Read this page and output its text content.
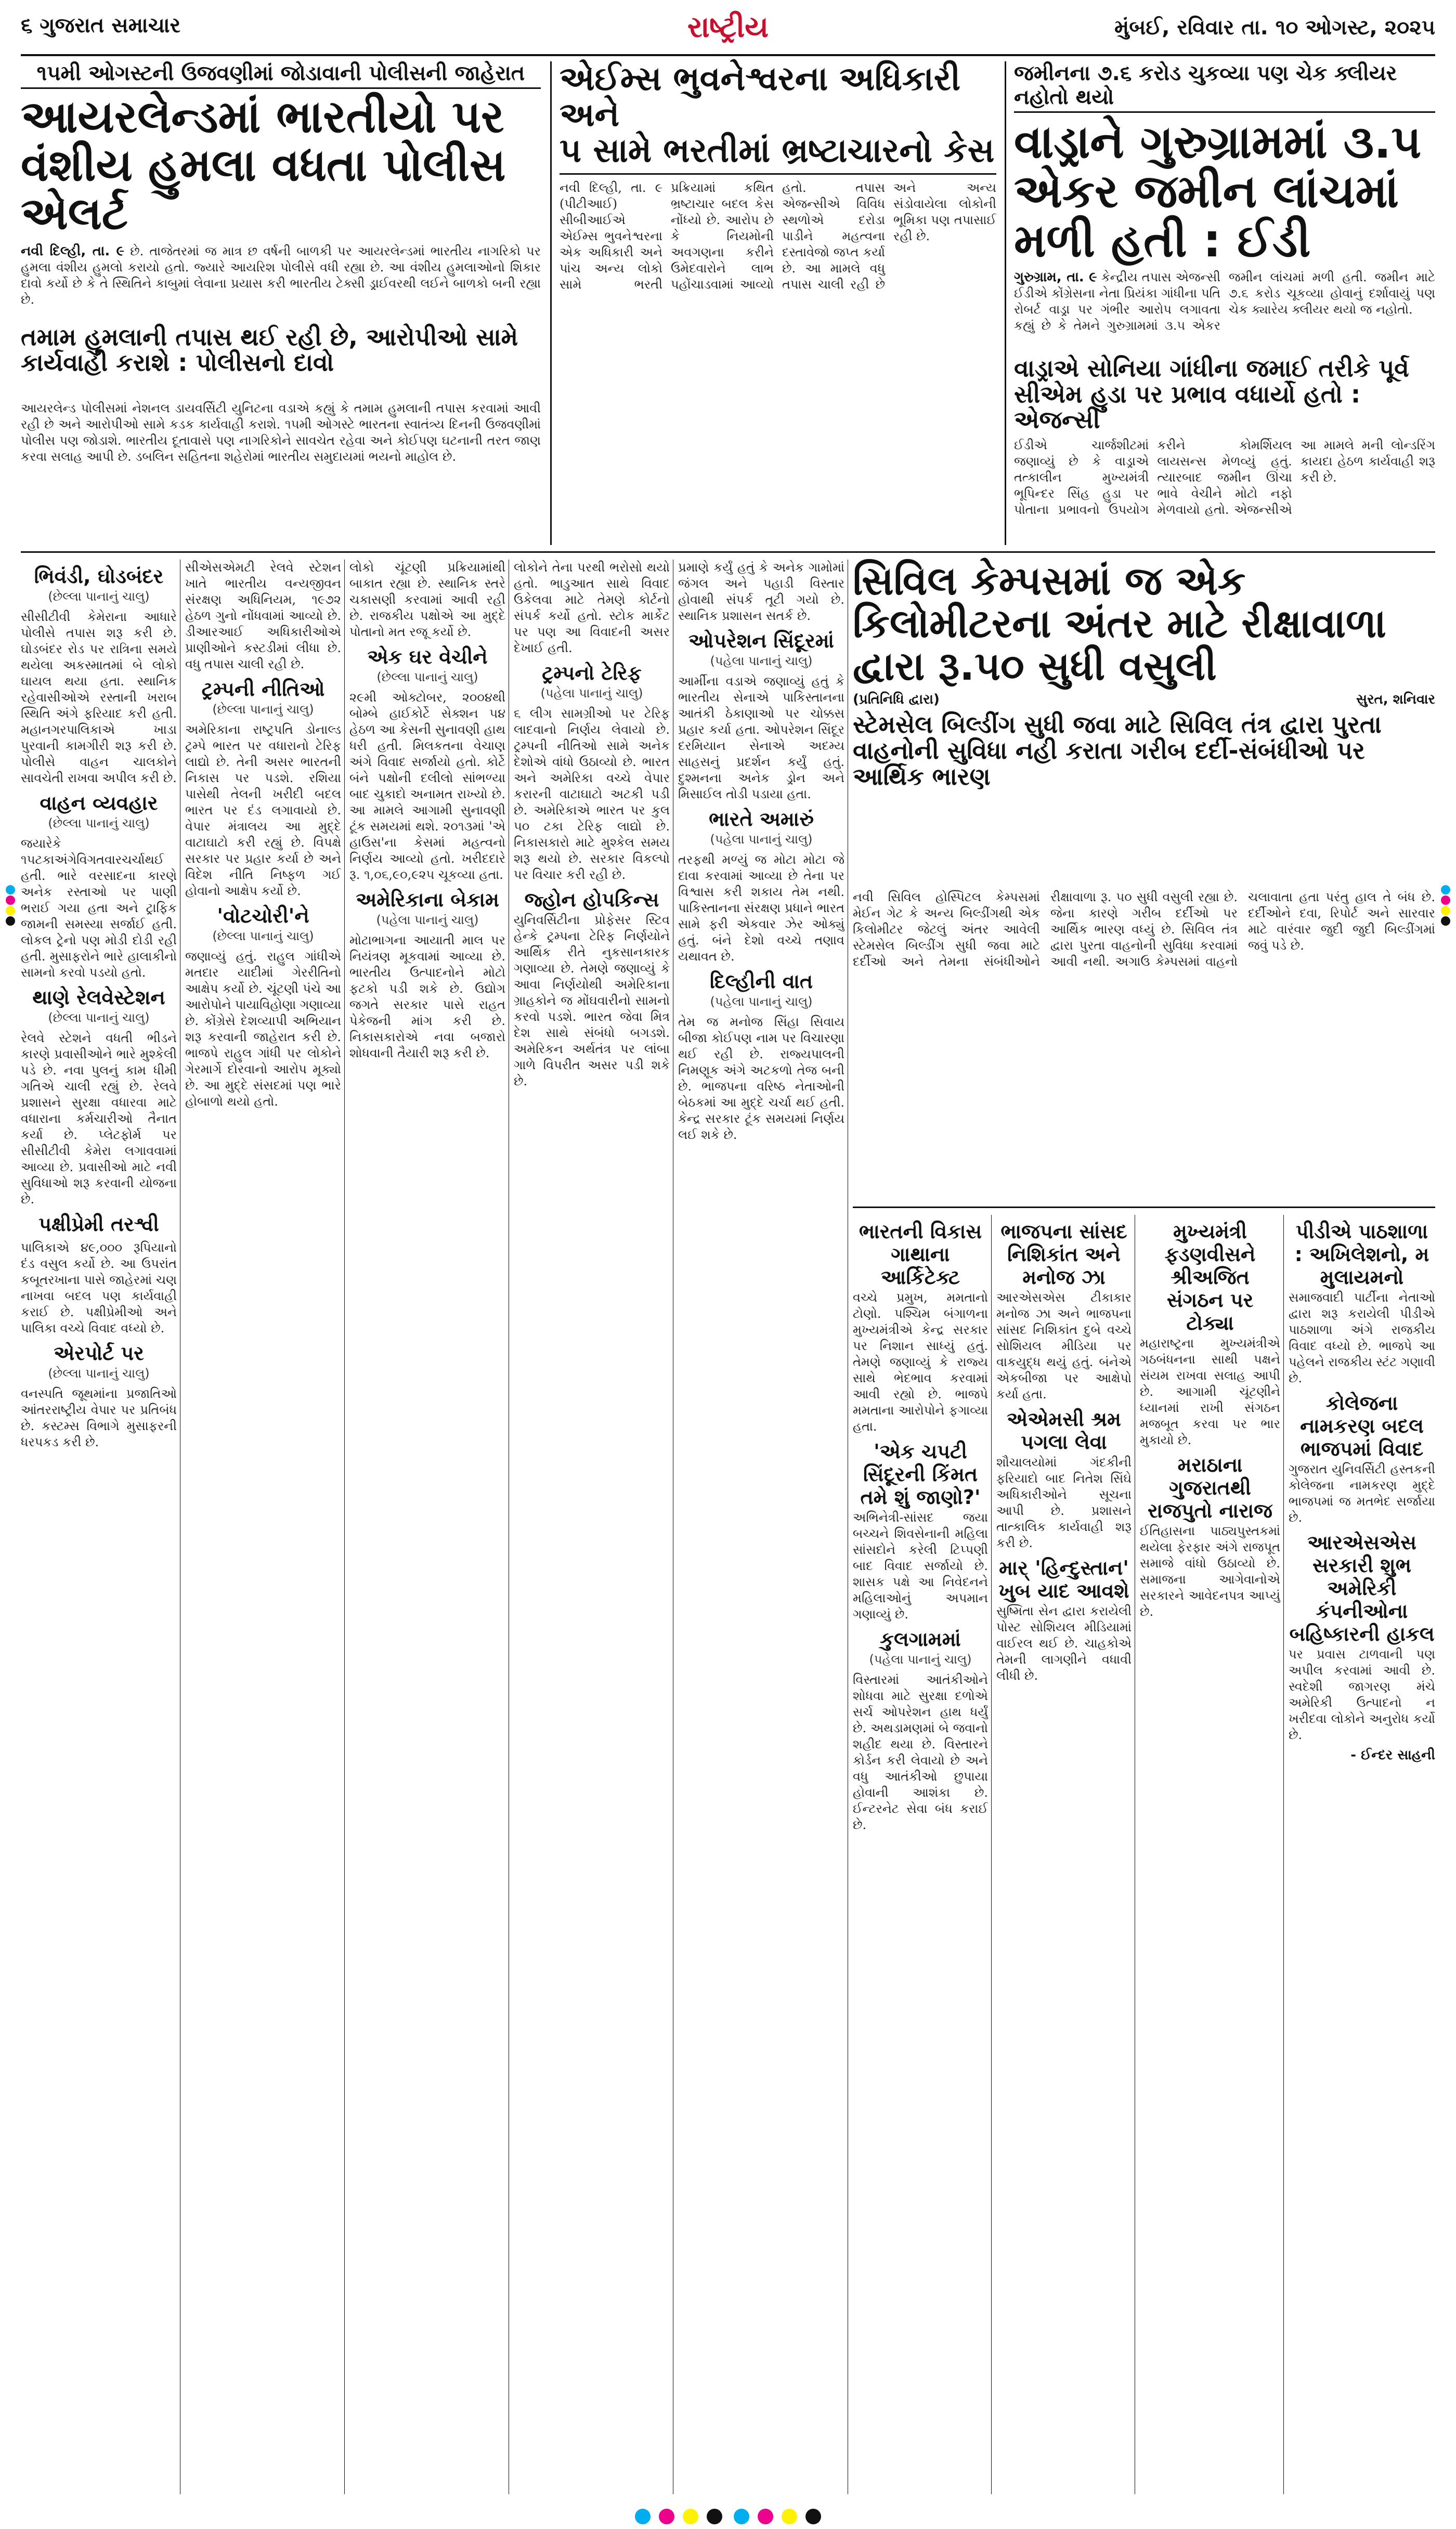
૬ ગુજરાત સમાચાર	રાષ્ટ્રીય	મુંબઈ, રવિવાર તા. ૧૦ ઓગસ્ટ, ૨૦૨૫
૧૫મી ઓગસ્ટની ઉજવણીમાં જોડાવાની પોલીસની જાહેરાત
આયરલેન્ડમાં ભારતીયો પર વંશીય હુમલા વધતા પોલીસ એલર્ટ
નવી દિલ્હી, તા. ૯ છે. તાજેતરમાં જ માત્ર છ વર્ષની બાળકી પર આયરલેન્ડમાં ભારતીય નાગરિકો પર હુમલા વંશીય હુમલો કરાયો હતો. જ્યારે આયરિશ પોલીસે વધી રહ્યા છે. આ વંશીય હુમલાઓનો શિકાર દાવો કર્યો છે કે તે સ્થિતિને કાબુમાં લેવાના પ્રયાસ કરી ભારતીય ટેક્સી ડ્રાઈવરથી લઈને બાળકો બની રહ્યા છે.
તમામ હુમલાની તપાસ થઈ રહી છે, આરોપીઓ સામે કાર્યવાહી કરાશે : પોલીસનો દાવો
આયરલેન્ડ પોલીસમાં નેશનલ ડાયવર્સિટી યુનિટના વડાએ કહ્યું કે તમામ હુમલાની તપાસ કરવામાં આવી રહી છે અને આરોપીઓ સામે કડક કાર્યવાહી કરાશે. ૧૫મી ઓગસ્ટે ભારતના સ્વાતંત્ર્ય દિનની ઉજવણીમાં પોલીસ પણ જોડાશે. ભારતીય દૂતાવાસે પણ નાગરિકોને સાવચેત રહેવા અને કોઈપણ ઘટનાની તરત જાણ કરવા સલાહ આપી છે. ડબલિન સહિતના શહેરોમાં ભારતીય સમુદાયમાં ભયનો માહોલ છે.
એઈમ્સ ભુવનેશ્વરના અધિકારી અને
૫ સામે ભરતીમાં ભ્રષ્ટાચારનો કેસ
નવી દિલ્હી, તા. ૯ (પીટીઆઈ) સીબીઆઈએ એઈમ્સ ભુવનેશ્વરના એક અધિકારી અને પાંચ અન્ય લોકો સામે ભરતી પ્રક્રિયામાં કથિત ભ્રષ્ટાચાર બદલ કેસ નોંધ્યો છે. આરોપ છે કે નિયમોની અવગણના કરીને ઉમેદવારોને લાભ પહોંચાડવામાં આવ્યો હતો. તપાસ એજન્સીએ વિવિધ સ્થળોએ દરોડા પાડીને મહત્વના દસ્તાવેજો જપ્ત કર્યા છે. આ મામલે વધુ તપાસ ચાલી રહી છે અને અન્ય સંડોવાયેલા લોકોની ભૂમિકા પણ તપાસાઈ રહી છે.
જમીનના ૭.૬ કરોડ ચુકવ્યા પણ ચેક ક્લીયર નહોતો થયો
વાડ્રાને ગુરુગ્રામમાં ૩.૫ એકર જમીન લાંચમાં મળી હતી : ઈડી
ગુરુગ્રામ, તા. ૯ કેન્દ્રીય તપાસ એજન્સી ઈડીએ કોંગ્રેસના નેતા પ્રિયંકા ગાંધીના પતિ રોબર્ટ વાડ્રા પર ગંભીર આરોપ લગાવતા કહ્યું છે કે તેમને ગુરુગ્રામમાં ૩.૫ એકર જમીન લાંચમાં મળી હતી. જમીન માટે ૭.૬ કરોડ ચૂકવ્યા હોવાનું દર્શાવાયું પણ ચેક ક્યારેય ક્લીયર થયો જ નહોતો.
વાડ્રાએ સોનિયા ગાંધીના જમાઈ તરીકે પૂર્વ સીએમ હુડા પર પ્રભાવ વધાર્યો હતો : એજન્સી
ઈડીએ ચાર્જશીટમાં જણાવ્યું છે કે વાડ્રાએ તત્કાલીન મુખ્યમંત્રી ભૂપિન્દર સિંહ હુડા પર પોતાના પ્રભાવનો ઉપયોગ કરીને કોમર્શિયલ લાયસન્સ મેળવ્યું હતું. ત્યારબાદ જમીન ઊંચા ભાવે વેચીને મોટો નફો મેળવાયો હતો. એજન્સીએ આ મામલે મની લોન્ડરિંગ કાયદા હેઠળ કાર્યવાહી શરૂ કરી છે.
ભિવંડી, ઘોડબંદર
(છેલ્લા પાનાનું ચાલુ)

સીસીટીવી કેમેરાના આધારે પોલીસે તપાસ શરૂ કરી છે. ઘોડબંદર રોડ પર રાત્રિના સમયે થયેલા અકસ્માતમાં બે લોકો ઘાયલ થયા હતા. સ્થાનિક રહેવાસીઓએ રસ્તાની ખરાબ સ્થિતિ અંગે ફરિયાદ કરી હતી. મહાનગરપાલિકાએ ખાડા પુરવાની કામગીરી શરૂ કરી છે. પોલીસે વાહન ચાલકોને સાવચેતી રાખવા અપીલ કરી છે.

વાહન વ્યવહાર
(છેલ્લા પાનાનું ચાલુ)

જયારેકે ૧૫ટકાઅંગેવિગતવારચર્ચાથઈ હતી. ભારે વરસાદના કારણે અનેક રસ્તાઓ પર પાણી ભરાઈ ગયા હતા અને ટ્રાફિક જામની સમસ્યા સર્જાઈ હતી. લોકલ ટ્રેનો પણ મોડી દોડી રહી હતી. મુસાફરોને ભારે હાલાકીનો સામનો કરવો પડયો હતો.

થાણે રેલવેસ્ટેશન
(છેલ્લા પાનાનું ચાલુ)

રેલવે સ્ટેશને વધતી ભીડને કારણે પ્રવાસીઓને ભારે મુશ્કેલી પડે છે. નવા પુલનું કામ ધીમી ગતિએ ચાલી રહ્યું છે. રેલવે પ્રશાસને સુરક્ષા વધારવા માટે વધારાના કર્મચારીઓ તૈનાત કર્યા છે. પ્લેટફોર્મ પર સીસીટીવી કેમેરા લગાવવામાં આવ્યા છે. પ્રવાસીઓ માટે નવી સુવિધાઓ શરૂ કરવાની યોજના છે.

પક્ષીપ્રેમી તરશ્વી

પાલિકાએ ૪૯,૦૦૦ રૂપિયાનો દંડ વસુલ કર્યો છે. આ ઉપરાંત કબૂતરખાના પાસે જાહેરમાં ચણ નાખવા બદલ પણ કાર્યવાહી કરાઈ છે. પક્ષીપ્રેમીઓ અને પાલિકા વચ્ચે વિવાદ વધ્યો છે.

એરપોર્ટ પર
(છેલ્લા પાનાનું ચાલુ)

વનસ્પતિ જૂથમાંના પ્રજાતિઓ આંતરરાષ્ટ્રીય વેપાર પર પ્રતિબંધ છે. કસ્ટમ્સ વિભાગે મુસાફરની ધરપકડ કરી છે.

સીએસએમટી રેલવે સ્ટેશન ખાતે ભારતીય વન્યજીવન સંરક્ષણ અધિનિયમ, ૧૯૭૨ હેઠળ ગુનો નોંધવામાં આવ્યો છે. ડીઆરઆઈ અધિકારીઓએ પ્રાણીઓને કસ્ટડીમાં લીધા છે. વધુ તપાસ ચાલી રહી છે.

ટ્રમ્પની નીતિઓ
(છેલ્લા પાનાનું ચાલુ)

અમેરિકાના રાષ્ટ્રપતિ ડોનાલ્ડ ટ્રમ્પે ભારત પર વધારાનો ટેરિફ લાદ્યો છે. તેની અસર ભારતની નિકાસ પર પડશે. રશિયા પાસેથી તેલની ખરીદી બદલ ભારત પર દંડ લગાવાયો છે. વેપાર મંત્રાલય આ મુદ્દે વાટાઘાટો કરી રહ્યું છે. વિપક્ષે સરકાર પર પ્રહાર કર્યા છે અને વિદેશ નીતિ નિષ્ફળ ગઈ હોવાનો આક્ષેપ કર્યો છે.

'વોટચોરી'ને
(છેલ્લા પાનાનું ચાલુ)

જણાવ્યું હતું. રાહુલ ગાંધીએ મતદાર યાદીમાં ગેરરીતિનો આક્ષેપ કર્યો છે. ચૂંટણી પંચે આ આરોપોને પાયાવિહોણા ગણાવ્યા છે. કોંગ્રેસે દેશવ્યાપી અભિયાન શરૂ કરવાની જાહેરાત કરી છે. ભાજપે રાહુલ ગાંધી પર લોકોને ગેરમાર્ગે દોરવાનો આરોપ મૂક્યો છે. આ મુદ્દે સંસદમાં પણ ભારે હોબાળો થયો હતો.

લોકો ચૂંટણી પ્રક્રિયામાંથી બાકાત રહ્યા છે. સ્થાનિક સ્તરે ચકાસણી કરવામાં આવી રહી છે. રાજકીય પક્ષોએ આ મુદ્દે પોતાનો મત રજૂ કર્યો છે.

એક ઘર વેચીને
(છેલ્લા પાનાનું ચાલુ)

૨૯મી ઓક્ટોબર, ૨૦૦૪થી બોમ્બે હાઈકોર્ટે સેક્શન ૫૪ હેઠળ આ કેસની સુનાવણી હાથ ધરી હતી. મિલકતના વેચાણ અંગે વિવાદ સર્જાયો હતો. કોર્ટે બંને પક્ષોની દલીલો સાંભળ્યા બાદ ચુકાદો અનામત રાખ્યો છે. આ મામલે આગામી સુનાવણી ટૂંક સમયમાં થશે. ૨૦૧૩માં 'એ હાઉસ'ના કેસમાં મહત્વનો નિર્ણય આવ્યો હતો. ખરીદદારે રૂ. ૧,૦૬,૯૦,૯૨૫ ચૂકવ્યા હતા.

અમેરિકાના બેકામ
(પહેલા પાનાનું ચાલુ)

મોટાભાગના આયાતી માલ પર નિયંત્રણ મૂકવામાં આવ્યા છે. ભારતીય ઉત્પાદનોને મોટો ફટકો પડી શકે છે. ઉદ્યોગ જગતે સરકાર પાસે રાહત પેકેજની માંગ કરી છે. નિકાસકારોએ નવા બજારો શોધવાની તૈયારી શરૂ કરી છે.

લોકોને તેના પરથી ભરોસો થયો હતો. ભાડુઆત સાથે વિવાદ ઉકેલવા માટે તેમણે કોર્ટનો સંપર્ક કર્યો હતો. સ્ટોક માર્કેટ પર પણ આ વિવાદની અસર દેખાઈ હતી.

ટ્રમ્પનો ટેરિફ
(પહેલા પાનાનું ચાલુ)

૬ લીગ સામગ્રીઓ પર ટેરિફ લાદવાનો નિર્ણય લેવાયો છે. ટ્રમ્પની નીતિઓ સામે અનેક દેશોએ વાંધો ઉઠાવ્યો છે. ભારત અને અમેરિકા વચ્ચે વેપાર કરારની વાટાઘાટો અટકી પડી છે. અમેરિકાએ ભારત પર કુલ ૫૦ ટકા ટેરિફ લાદ્યો છે. નિકાસકારો માટે મુશ્કેલ સમય શરૂ થયો છે. સરકાર વિકલ્પો પર વિચાર કરી રહી છે.

જ્હોન હોપકિન્સ

યુનિવર્સિટીના પ્રોફેસર સ્ટિવ હેન્કે ટ્રમ્પના ટેરિફ નિર્ણયોને આર્થિક રીતે નુકસાનકારક ગણાવ્યા છે. તેમણે જણાવ્યું કે આવા નિર્ણયોથી અમેરિકાના ગ્રાહકોને જ મોંઘવારીનો સામનો કરવો પડશે. ભારત જેવા મિત્ર દેશ સાથે સંબંધો બગડશે. અમેરિકન અર્થતંત્ર પર લાંબા ગાળે વિપરીત અસર પડી શકે છે.

પ્રમાણે કર્યું હતું કે અનેક ગામોમાં જંગલ અને પહાડી વિસ્તાર હોવાથી સંપર્ક તૂટી ગયો છે. સ્થાનિક પ્રશાસન સતર્ક છે.

ઓપરેશન સિંદૂરમાં
(પહેલા પાનાનું ચાલુ)

આર્મીના વડાએ જણાવ્યું હતું કે ભારતીય સેનાએ પાકિસ્તાનના આતંકી ઠેકાણાઓ પર ચોક્કસ પ્રહાર કર્યા હતા. ઓપરેશન સિંદૂર દરમિયાન સેનાએ અદમ્ય સાહસનું પ્રદર્શન કર્યું હતું. દુશ્મનના અનેક ડ્રોન અને મિસાઈલ તોડી પડાયા હતા.

ભારતે અમારું
(પહેલા પાનાનું ચાલુ)

તરફથી મળ્યું જ મોટા મોટા જે દાવા કરવામાં આવ્યા છે તેના પર વિશ્વાસ કરી શકાય તેમ નથી. પાકિસ્તાનના સંરક્ષણ પ્રધાને ભારત સામે ફરી એકવાર ઝેર ઓક્યું હતું. બંને દેશો વચ્ચે તણાવ યથાવત છે.

દિલ્હીની વાત
(પહેલા પાનાનું ચાલુ)

તેમ જ મનોજ સિંહા સિવાય બીજા કોઈપણ નામ પર વિચારણા થઈ રહી છે. રાજ્યપાલની નિમણૂક અંગે અટકળો તેજ બની છે. ભાજપના વરિષ્ઠ નેતાઓની બેઠકમાં આ મુદ્દે ચર્ચા થઈ હતી. કેન્દ્ર સરકાર ટૂંક સમયમાં નિર્ણય લઈ શકે છે.

સિવિલ કેમ્પસમાં જ એક કિલોમીટરના અંતર માટે રીક્ષાવાળા દ્વારા રૂ.૫૦ સુધી વસુલી
(પ્રતિનિધિ દ્વારા)	સુરત, શનિવાર
સ્ટેમસેલ બિલ્ડીંગ સુધી જવા માટે સિવિલ તંત્ર દ્વારા પુરતા વાહનોની સુવિધા નહી કરાતા ગરીબ દર્દી-સંબંધીઓ પર આર્થિક ભારણ
નવી સિવિલ હોસ્પિટલ કેમ્પસમાં મેઈન ગેટ કે અન્ય બિલ્ડીંગથી એક કિલોમીટર જેટલું અંતર આવેલી સ્ટેમસેલ બિલ્ડીંગ સુધી જવા માટે દર્દીઓ અને તેમના સંબંધીઓને રીક્ષાવાળા રૂ. ૫૦ સુધી વસુલી રહ્યા છે. જેના કારણે ગરીબ દર્દીઓ પર આર્થિક ભારણ વધ્યું છે. સિવિલ તંત્ર દ્વારા પુરતા વાહનોની સુવિધા કરવામાં આવી નથી. અગાઉ કેમ્પસમાં વાહનો ચલાવાતા હતા પરંતુ હાલ તે બંધ છે. દર્દીઓને દવા, રિપોર્ટ અને સારવાર માટે વારંવાર જુદી જુદી બિલ્ડીંગમાં જવું પડે છે.
ભારતની વિકાસ ગાથાના આર્કિટેક્ટ

વચ્ચે પ્રમુખ, મમતાનો ટોણો. પશ્ચિમ બંગાળના મુખ્યમંત્રીએ કેન્દ્ર સરકાર પર નિશાન સાધ્યું હતું. તેમણે જણાવ્યું કે રાજ્ય સાથે ભેદભાવ કરવામાં આવી રહ્યો છે. ભાજપે મમતાના આરોપોને ફગાવ્યા હતા.

'એક ચપટી સિંદૂરની કિંમત તમે શું જાણો?'

અભિનેત્રી-સાંસદ જયા બચ્ચને શિવસેનાની મહિલા સાંસદોને કરેલી ટિપ્પણી બાદ વિવાદ સર્જાયો છે. શાસક પક્ષે આ નિવેદનને મહિલાઓનું અપમાન ગણાવ્યું છે.

કુલગામમાં
(પહેલા પાનાનું ચાલુ)

વિસ્તારમાં આતંકીઓને શોધવા માટે સુરક્ષા દળોએ સર્ચ ઓપરેશન હાથ ધર્યું છે. અથડામણમાં બે જવાનો શહીદ થયા છે. વિસ્તારને કોર્ડન કરી લેવાયો છે અને વધુ આતંકીઓ છુપાયા હોવાની આશંકા છે. ઈન્ટરનેટ સેવા બંધ કરાઈ છે.

ભાજપના સાંસદ નિશિકાંત અને મનોજ ઝા

આરએસએસ ટીકાકાર મનોજ ઝા અને ભાજપના સાંસદ નિશિકાંત દુબે વચ્ચે સોશિયલ મીડિયા પર વાકયુદ્ધ થયું હતું. બંનેએ એકબીજા પર આક્ષેપો કર્યા હતા.

એએમસી શ્રમ પગલા લેવા

શૌચાલયોમાં ગંદકીની ફરિયાદો બાદ નિતેશ સિંઘે અધિકારીઓને સૂચના આપી છે. પ્રશાસને તાત્કાલિક કાર્યવાહી શરૂ કરી છે.

માર્ 'હિન્દુસ્તાન' ખુબ યાદ આવશે

સુષ્મિતા સેન દ્વારા કરાયેલી પોસ્ટ સોશિયલ મીડિયામાં વાઈરલ થઈ છે. ચાહકોએ તેમની લાગણીને વધાવી લીધી છે.

મુખ્યમંત્રી ફડણવીસને શ્રીઅજિત સંગઠન પર ટોક્યા

મહારાષ્ટ્રના મુખ્યમંત્રીએ ગઠબંધનના સાથી પક્ષને સંયમ રાખવા સલાહ આપી છે. આગામી ચૂંટણીને ધ્યાનમાં રાખી સંગઠન મજબૂત કરવા પર ભાર મુકાયો છે.

મરાઠાના ગુજરાતથી રાજપુતો નારાજ

ઈતિહાસના પાઠ્યપુસ્તકમાં થયેલા ફેરફાર અંગે રાજપૂત સમાજે વાંધો ઉઠાવ્યો છે. સમાજના આગેવાનોએ સરકારને આવેદનપત્ર આપ્યું છે.

પીડીએ પાઠશાળા : અખિલેશનો, મ મુલાયમનો

સમાજવાદી પાર્ટીના નેતાઓ દ્વારા શરૂ કરાયેલી પીડીએ પાઠશાળા અંગે રાજકીય વિવાદ વધ્યો છે. ભાજપે આ પહેલને રાજકીય સ્ટંટ ગણાવી છે.

કોલેજના નામકરણ બદલ ભાજપમાં વિવાદ

ગુજરાત યુનિવર્સિટી હસ્તકની કોલેજના નામકરણ મુદ્દે ભાજપમાં જ મતભેદ સર્જાયા છે.

આરએસએસ સરકારી શુભ અમેરિકી કંપનીઓના બહિષ્કારની હાકલ

પર પ્રવાસ ટાળવાની પણ અપીલ કરવામાં આવી છે. સ્વદેશી જાગરણ મંચે અમેરિકી ઉત્પાદનો ન ખરીદવા લોકોને અનુરોધ કર્યો છે.

- ઈન્દર સાહની
